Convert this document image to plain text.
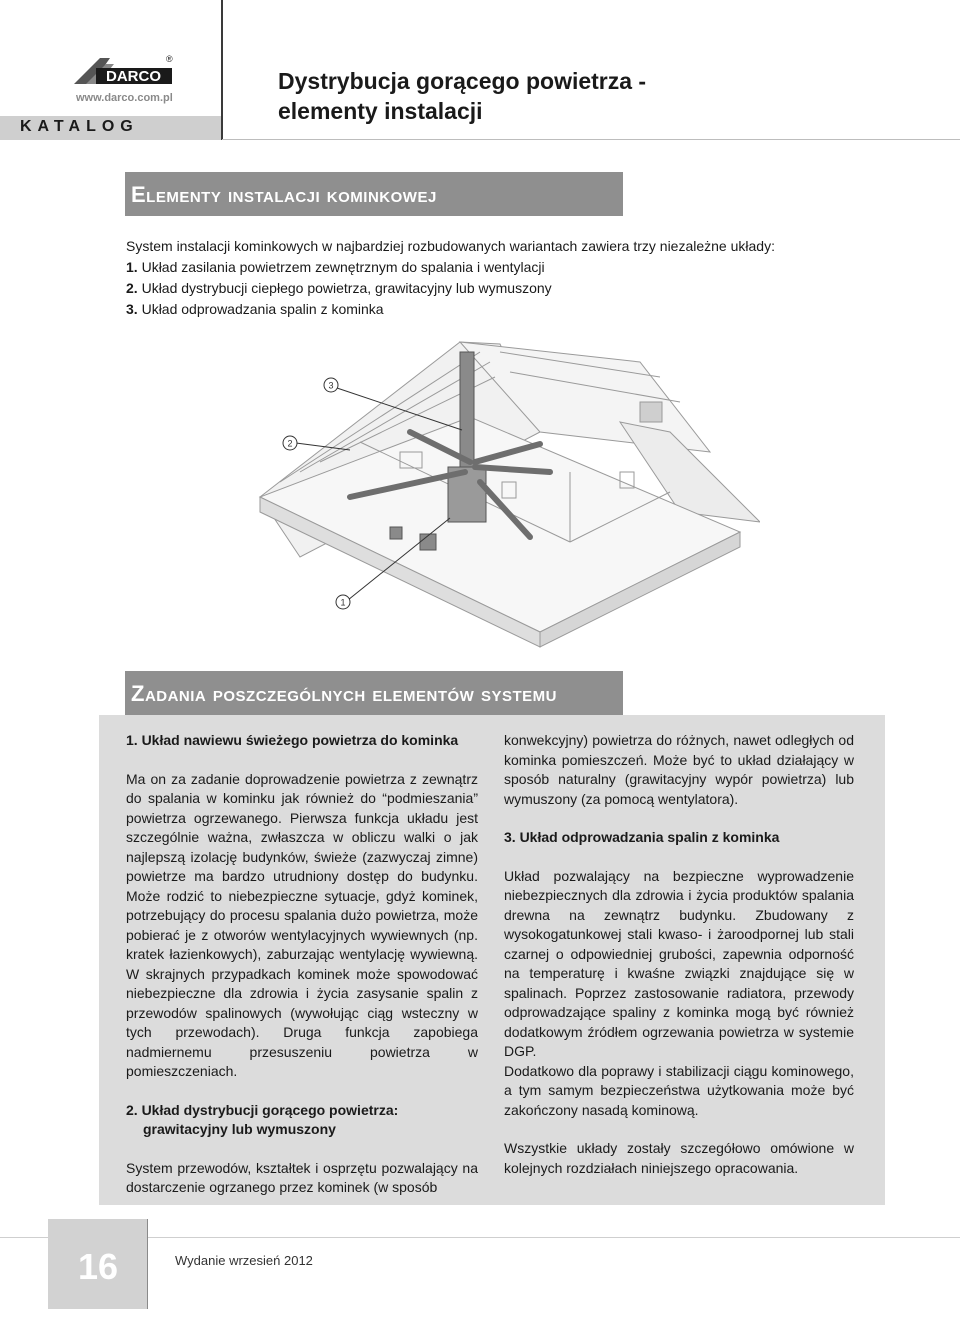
DARCO
®
www.darco.com.pl
KATALOG
Dystrybucja gorącego powietrza -
elementy instalacji
Elementy instalacji kominkowej

System instalacji kominkowych w najbardziej rozbudowanych wariantach zawiera trzy niezależne układy:

1. Układ zasilania powietrzem zewnętrznym do spalania i wentylacji

2. Układ dystrybucji ciepłego powietrza, grawitacyjny lub wymuszony

3. Układ odprowadzania spalin z kominka

3
2
1
Zadania poszczególnych elementów systemu
1. Układ nawiewu świeżego powietrza do kominka

Ma on za zadanie doprowadzenie powietrza z zewnątrz do spalania w kominku jak również do “podmieszania” powietrza ogrzewanego. Pierwsza funkcja układu jest szczególnie ważna, zwłaszcza w obliczu walki o jak najlepszą izolację budynków, świeże (zazwyczaj zimne) powietrze ma bardzo utrudniony dostęp do budynku. Może rodzić to niebezpieczne sytuacje, gdyż kominek, potrzebujący do procesu spalania dużo powietrza, może pobierać je z otworów wentylacyjnych wywiewnych (np. kratek łazienkowych), zaburzając wentylację wywiewną. W skrajnych przypadkach kominek może spowodować niebezpieczne dla zdrowia i życia zasysanie spalin z przewodów spalinowych (wywołując ciąg wsteczny w tych przewodach). Druga funkcja zapobiega nadmiernemu przesuszeniu powietrza w pomieszczeniach.

2. Układ dystrybucji gorącego powietrza:
grawitacyjny lub wymuszony

System przewodów, kształtek i osprzętu pozwalający na dostarczenie ogrzanego przez kominek (w sposób

konwekcyjny) powietrza do różnych, nawet odległych od kominka pomieszczeń. Może być to układ działający w sposób naturalny (grawitacyjny wypór powietrza) lub wymuszony (za pomocą wentylatora).

3. Układ odprowadzania spalin z kominka

Układ pozwalający na bezpieczne wyprowadzenie niebezpiecznych dla zdrowia i życia produktów spalania drewna na zewnątrz budynku. Zbudowany z wysokogatunkowej stali kwaso- i żaroodpornej lub stali czarnej o odpowiedniej grubości, zapewnia odporność na temperaturę i kwaśne związki znajdujące się w spalinach. Poprzez zastosowanie radiatora, przewody odprowadzające spaliny z kominka mogą być również dodatkowym źródłem ogrzewania powietrza w systemie DGP.

Dodatkowo dla poprawy i stabilizacji ciągu kominowego, a tym samym bezpieczeństwa użytkowania może być zakończony nasadą kominową.

Wszystkie układy zostały szczegółowo omówione w kolejnych rozdziałach niniejszego opracowania.

16	Wydanie wrzesień 2012
